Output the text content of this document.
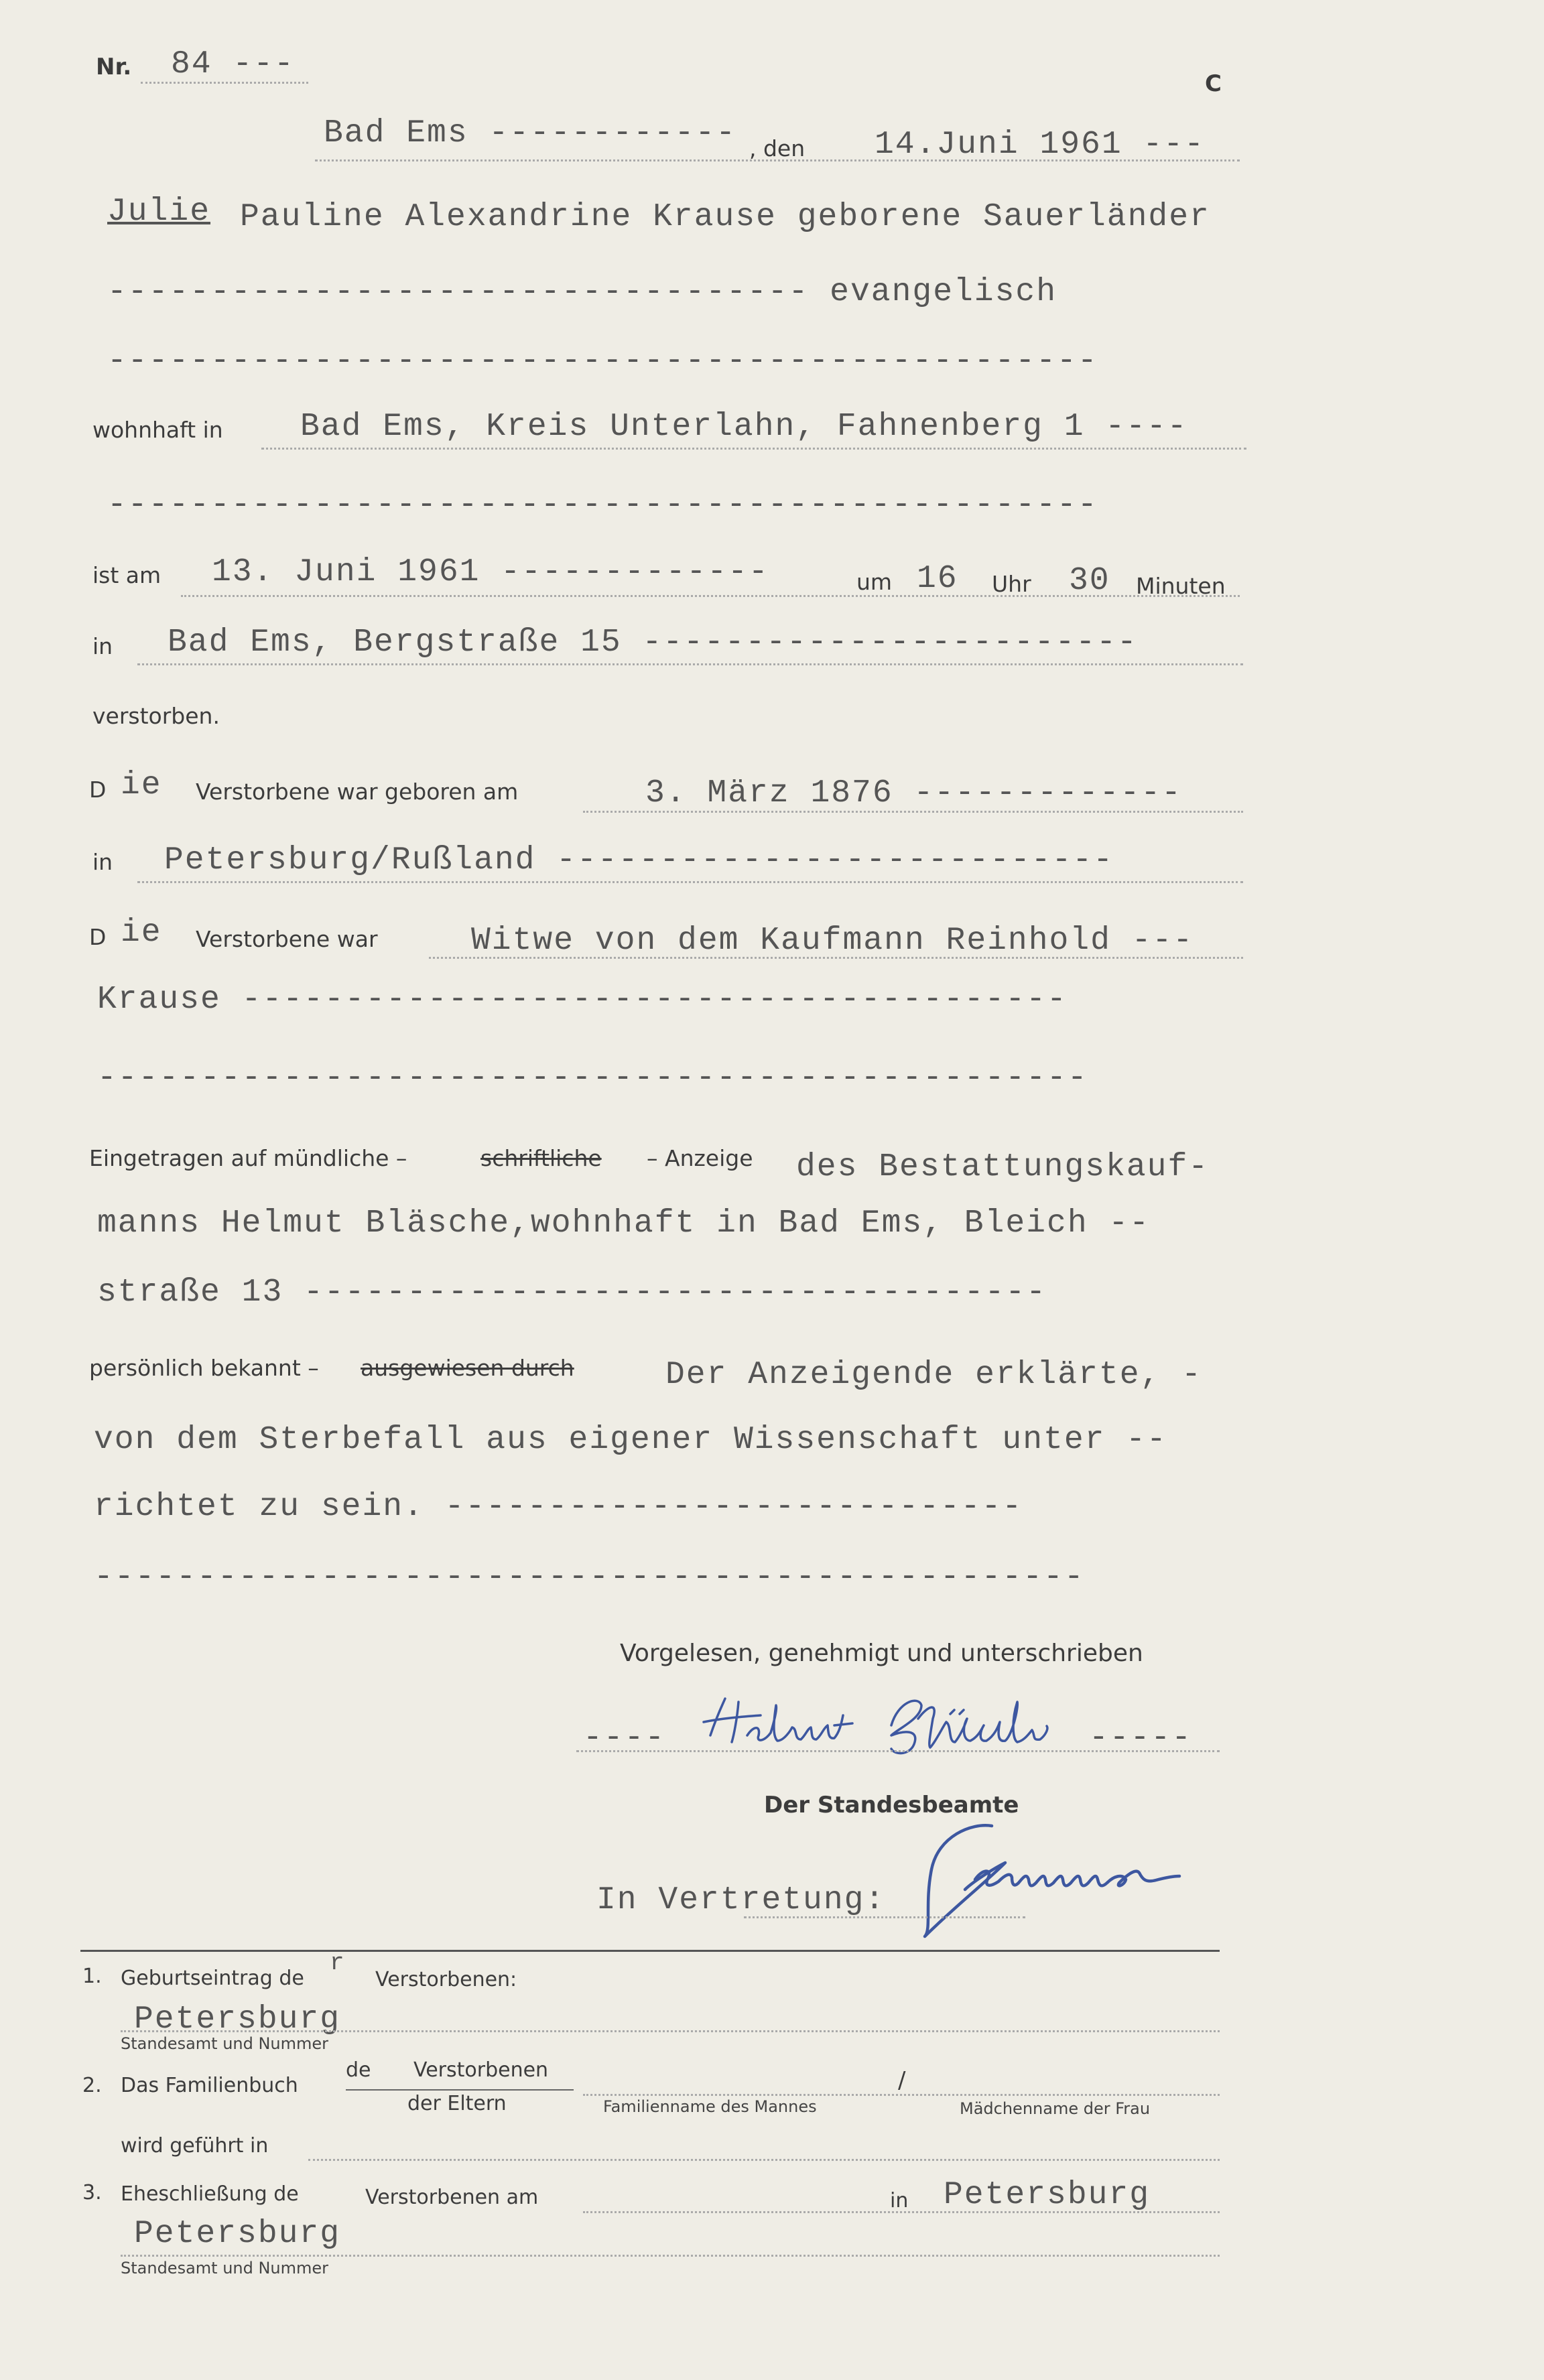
Nr. 84 ---
C
Bad Ems ------------ , den 14.Juni 1961 ---
Julie Pauline Alexandrine Krause geborene Sauerländer
---------------------------------- evangelisch
------------------------------------------------
wohnhaft in Bad Ems, Kreis Unterlahn, Fahnenberg 1 ----
------------------------------------------------
ist am 13. Juni 1961 -------------	um 16 Uhr 30 Minuten
in Bad Ems, Bergstraße 15 ------------------------
verstorben.
D ie Verstorbene war geboren am	3. März 1876 -------------
in Petersburg/Rußland ---------------------------
D ie Verstorbene war	Witwe von dem Kaufmann Reinhold ---
Krause ----------------------------------------
------------------------------------------------
Eingetragen auf mündliche –	schriftliche – Anzeige des Bestattungskauf-
manns Helmut Bläsche,wohnhaft in Bad Ems, Bleich --
straße 13 ------------------------------------
persönlich bekannt – ausgewiesen durch	Der Anzeigende erklärte, -
von dem Sterbefall aus eigener Wissenschaft unter --
richtet zu sein. ----------------------------
------------------------------------------------
Vorgelesen, genehmigt und unterschrieben
----	-----
Der Standesbeamte
In Vertretung:
1. Geburtseintrag de
r
Verstorbenen:
Petersburg
Standesamt und Nummer
2. Das Familienbuch
de Verstorbenen
der Eltern
/
Familienname des Mannes	Mädchenname der Frau
wird geführt in
3. Eheschließung de	Verstorbenen am	in Petersburg
Petersburg
Standesamt und Nummer
